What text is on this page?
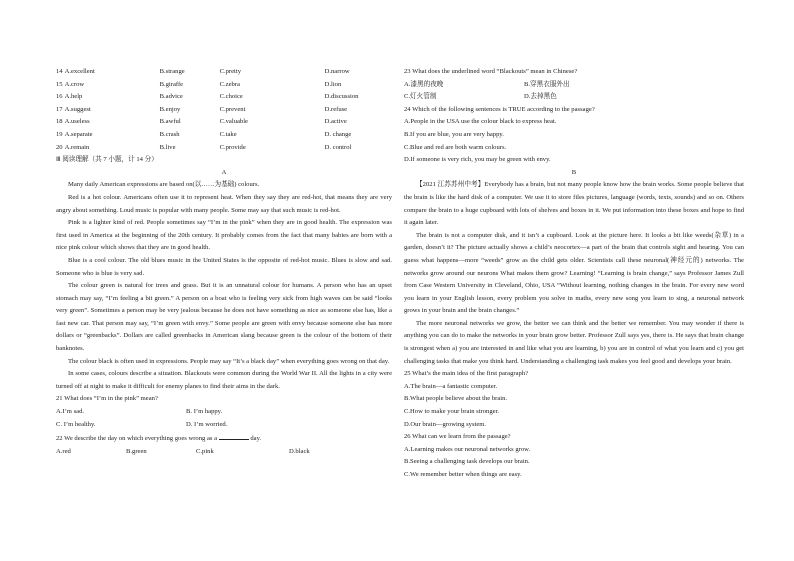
14 A.excellent	B.strange	C.pretty	D.narrow
15 A.crow	B.giraffe	C.zebra	D.lion
16 A.help	B.advice	C.choice	D.discussion
17 A.suggest	B.enjoy	C.prevent	D.refuse
18 A.useless	B.awful	C.valuable	D.active
19 A.separate	B.crash	C.take	D. change
20 A.remain	B.live	C.provide	D. control
Ⅲ 阅读理解（共 7 小题，计 14 分）
A

Many daily American expressions are based on(以……为基础) colours.

Red is a hot colour. Americans often use it to represent heat. When they say they are red-hot, that means they are very angry about something. Loud music is popular with many people. Some may say that such music is red-hot.

Pink is a lighter kind of red. People sometimes say “I’m in the pink” when they are in good health. The expression was first used in America at the beginning of the 20th century. It probably comes from the fact that many babies are born with a nice pink colour which shows that they are in good health.

Blue is a cool colour. The old blues music in the United States is the opposite of red-hot music. Blues is slow and sad. Someone who is blue is very sad.

The colour green is natural for trees and grass. But it is an unnatural colour for humans. A person who has an upset stomach may say, “I’m feeling a bit green.” A person on a boat who is feeling very sick from high waves can be said “looks very green”. Sometimes a person may be very jealous because he does not have something as nice as someone else has, like a fast new car. That person may say, “I’m green with envy.” Some people are green with envy because someone else has more dollars or “greenbacks”. Dollars are called greenbacks in American slang because green is the colour of the bottom of their banknotes.

The colour black is often used in expressions. People may say “It’s a black day” when everything goes wrong on that day.

In some cases, colours describe a situation. Blackouts were common during the World War II. All the lights in a city were turned off at night to make it difficult for enemy planes to find their aims in the dark.

21 What does “I’m in the pink” mean?
A.I’m sad.	B. I’m happy.
C. I’m healthy.	D. I’m worried.
22 We describe the day on which everything goes wrong as a	day.
A.red	B.green	C.pink	D.black
23 What does the underlined word “Blackouts” mean in Chinese?
A.漆黑的夜晚	B.穿黑衣服外出
C.灯火管制	D.去掉黑色
24 Which of the following sentences is TRUE according to the passage?
A.People in the USA use the colour black to express heat.
B.If you are blue, you are very happy.
C.Blue and red are both warm colours.
D.If someone is very rich, you may be green with envy.
B

【2021 江苏苏州中考】Everybody has a brain, but not many people know how the brain works. Some people believe that the brain is like the hard disk of a computer. We use it to store files pictures, language (words, texts, sounds) and so on. Others compare the brain to a huge cupboard with lots of shelves and boxes in it. We put information into these boxes and hope to find it again later.

The brain is not a computer disk, and it isn’t a cupboard. Look at the picture here. It looks a bit like weeds(杂草) in a garden, doesn’t it? The picture actually shows a child’s neocortex—a part of the brain that controls sight and hearing. You can guess what happens—more “weeds” grow as the child gets older. Scientists call these neuronal(神经元的) networks. The networks grow around our neurons What makes them grow? Learning! “Learning is brain change,” says Professor James Zull from Case Western University in Cleveland, Ohio, USA “Without learning, nothing changes in the brain. For every new word you learn in your English lesson, every problem you solve in maths, every new song you learn to sing, a neuronal network grows in your brain and the brain changes.”

The more neuronal networks we grow, the better we can think and the better we remember. You may wonder if there is anything you can do to make the networks in your brain grow better. Professor Zull says yes, there is. He says that brain change is strongest when a) you are interested in and like what you are learning, b) you are in control of what you learn and c) you get challenging tasks that make you think hard. Understanding a challenging task makes you feel good and develops your brain.

25 What’s the main idea of the first paragraph?
A.The brain—a fantastic computer.
B.What people believe about the brain.
C.How to make your brain stronger.
D.Our brain—growing system.
26 What can we learn from the passage?
A.Learning makes our neuronal networks grow.
B.Seeing a challenging task develops our brain.
C.We remember better when things are easy.
